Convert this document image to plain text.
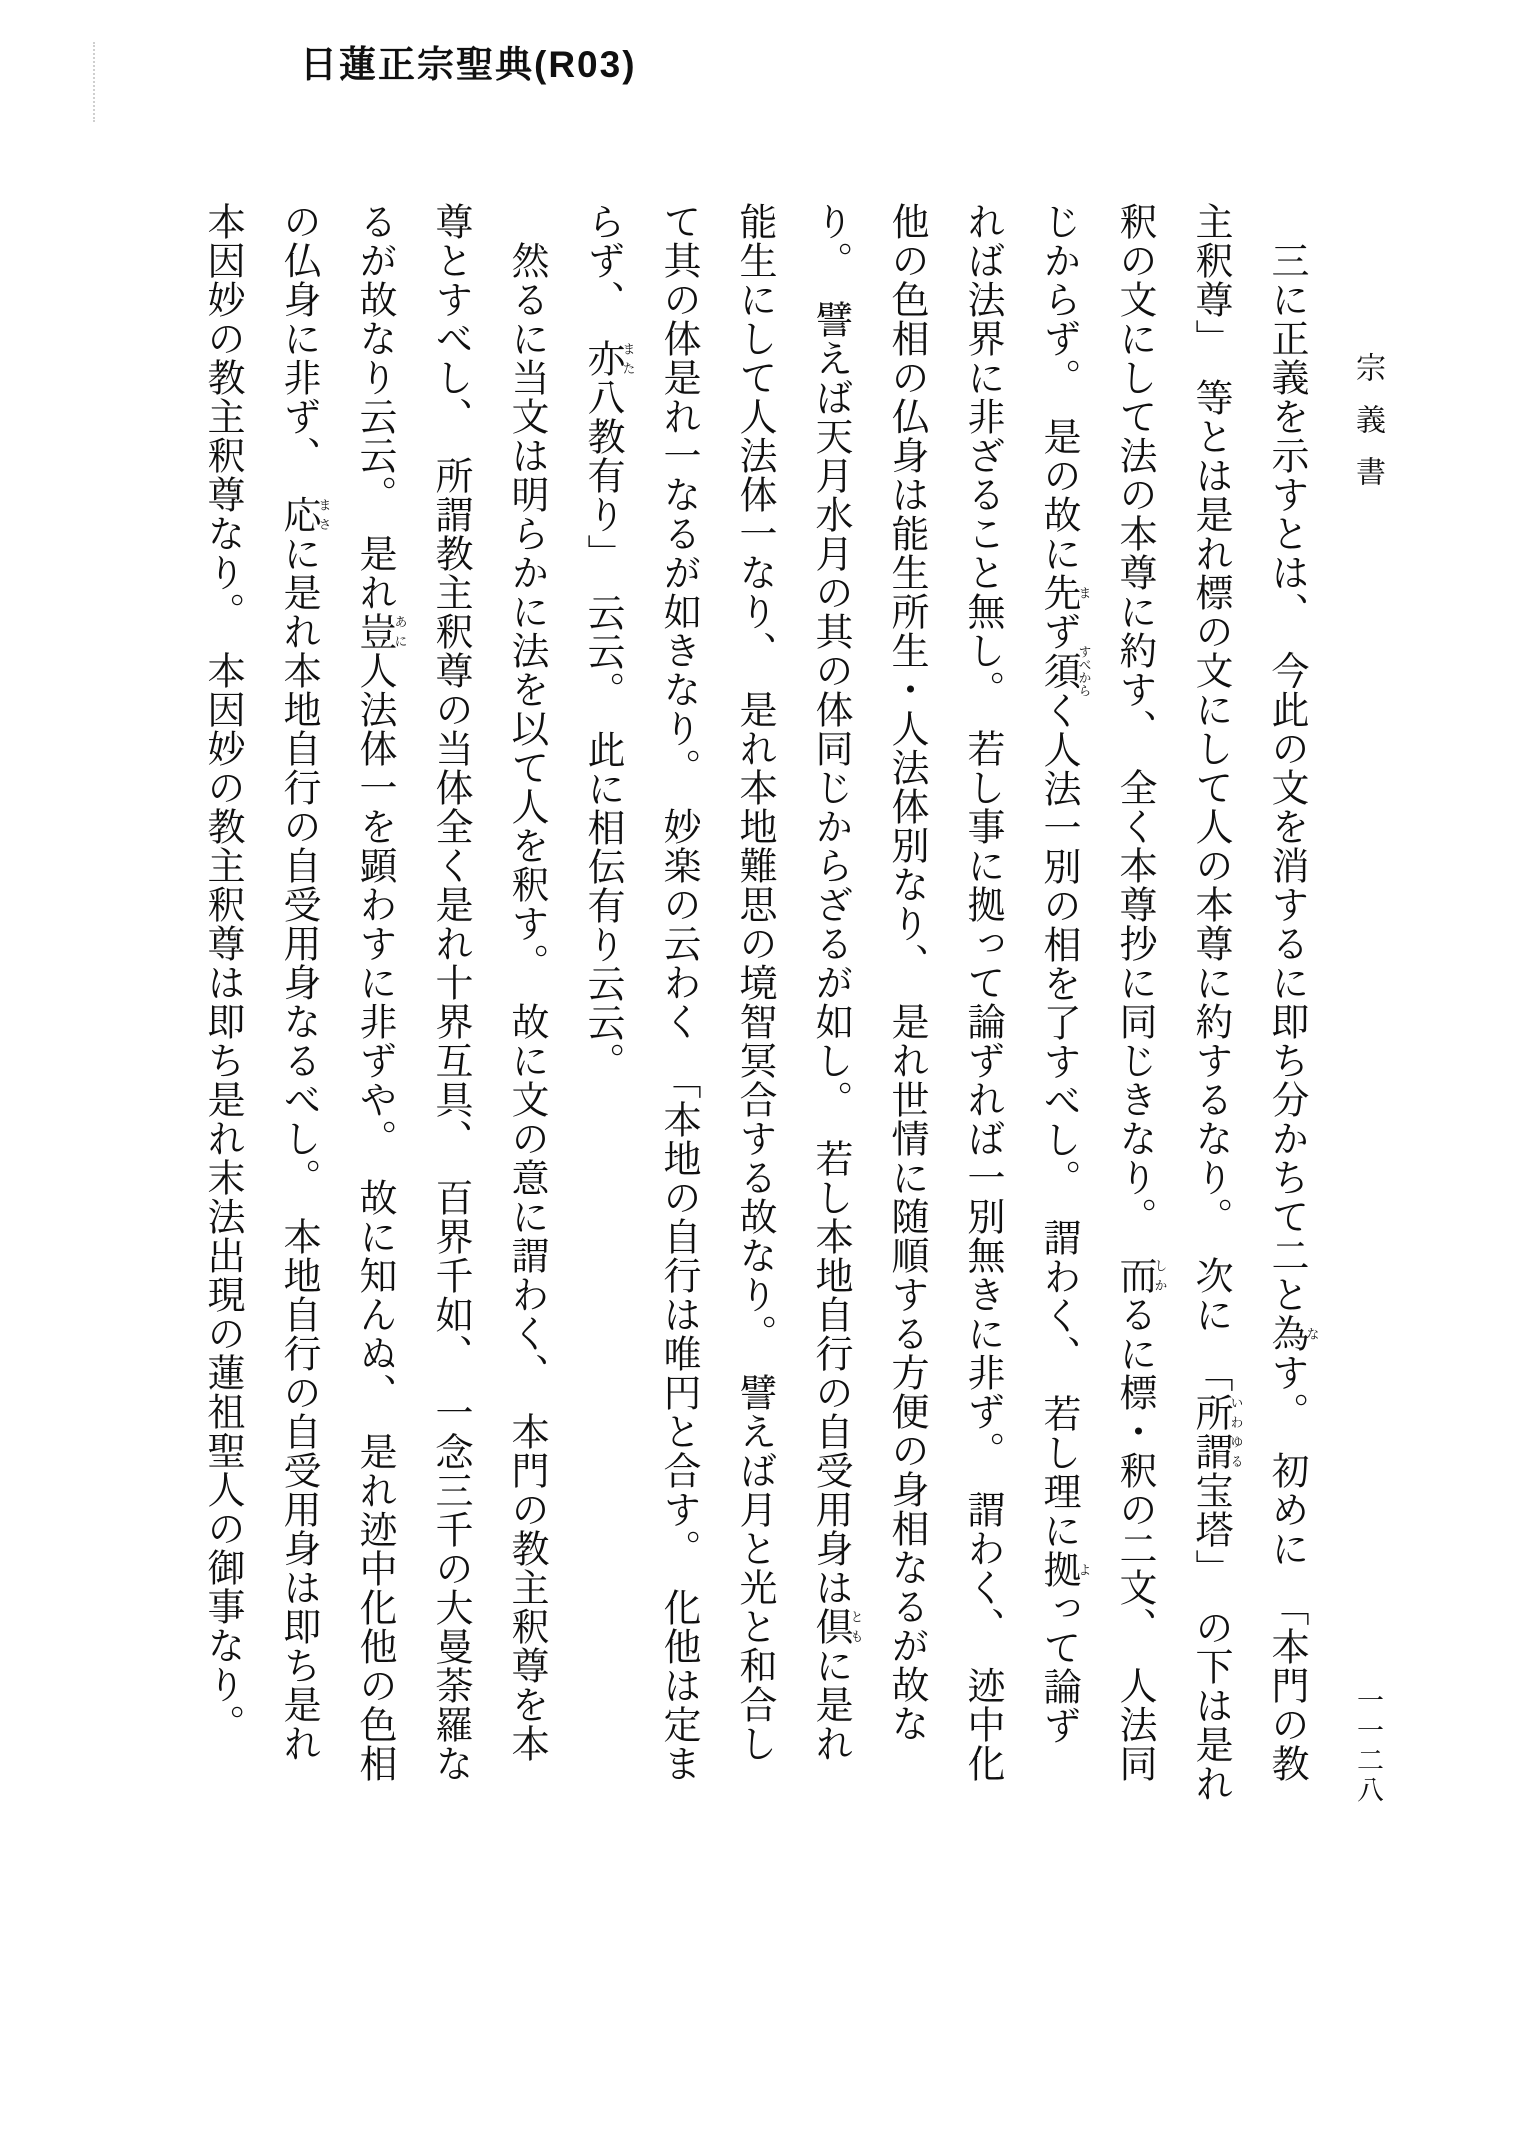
日蓮正宗聖典(R03)
宗義書
一一二八
　三に正義を示すとは、　今此の文を消するに即ち分かちて二と為なす。　初めに　「本門の教
主釈尊」　等とは是れ標の文にして人の本尊に約するなり。　次に　「所謂いわゆる宝塔」　の下は是れ
釈の文にして法の本尊に約す、　全く本尊抄に同じきなり。　而しかるに標・釈の二文、　人法同
じからず。　是の故に先まず須すべからく人法一別の相を了すべし。　謂わく、　若し理に拠よって論ず
れば法界に非ざること無し。　若し事に拠って論ずれば一別無きに非ず。　謂わく、　迹中化
他の色相の仏身は能生所生・人法体別なり、　是れ世情に随順する方便の身相なるが故な
り。　譬えば天月水月の其の体同じからざるが如し。　若し本地自行の自受用身は倶ともに是れ
能生にして人法体一なり、　是れ本地難思の境智冥合する故なり。　譬えば月と光と和合し
て其の体是れ一なるが如きなり。　妙楽の云わく　「本地の自行は唯円と合す。　化他は定ま
らず、　亦また八教有り」　云云。　此に相伝有り云云。
　然るに当文は明らかに法を以て人を釈す。　故に文の意に謂わく、　本門の教主釈尊を本
尊とすべし、　所謂教主釈尊の当体全く是れ十界互具、　百界千如、　一念三千の大曼荼羅な
るが故なり云云。　是れ豈あに人法体一を顕わすに非ずや。　故に知んぬ、　是れ迹中化他の色相
の仏身に非ず、　応まさに是れ本地自行の自受用身なるべし。　本地自行の自受用身は即ち是れ
本因妙の教主釈尊なり。　本因妙の教主釈尊は即ち是れ末法出現の蓮祖聖人の御事なり。
